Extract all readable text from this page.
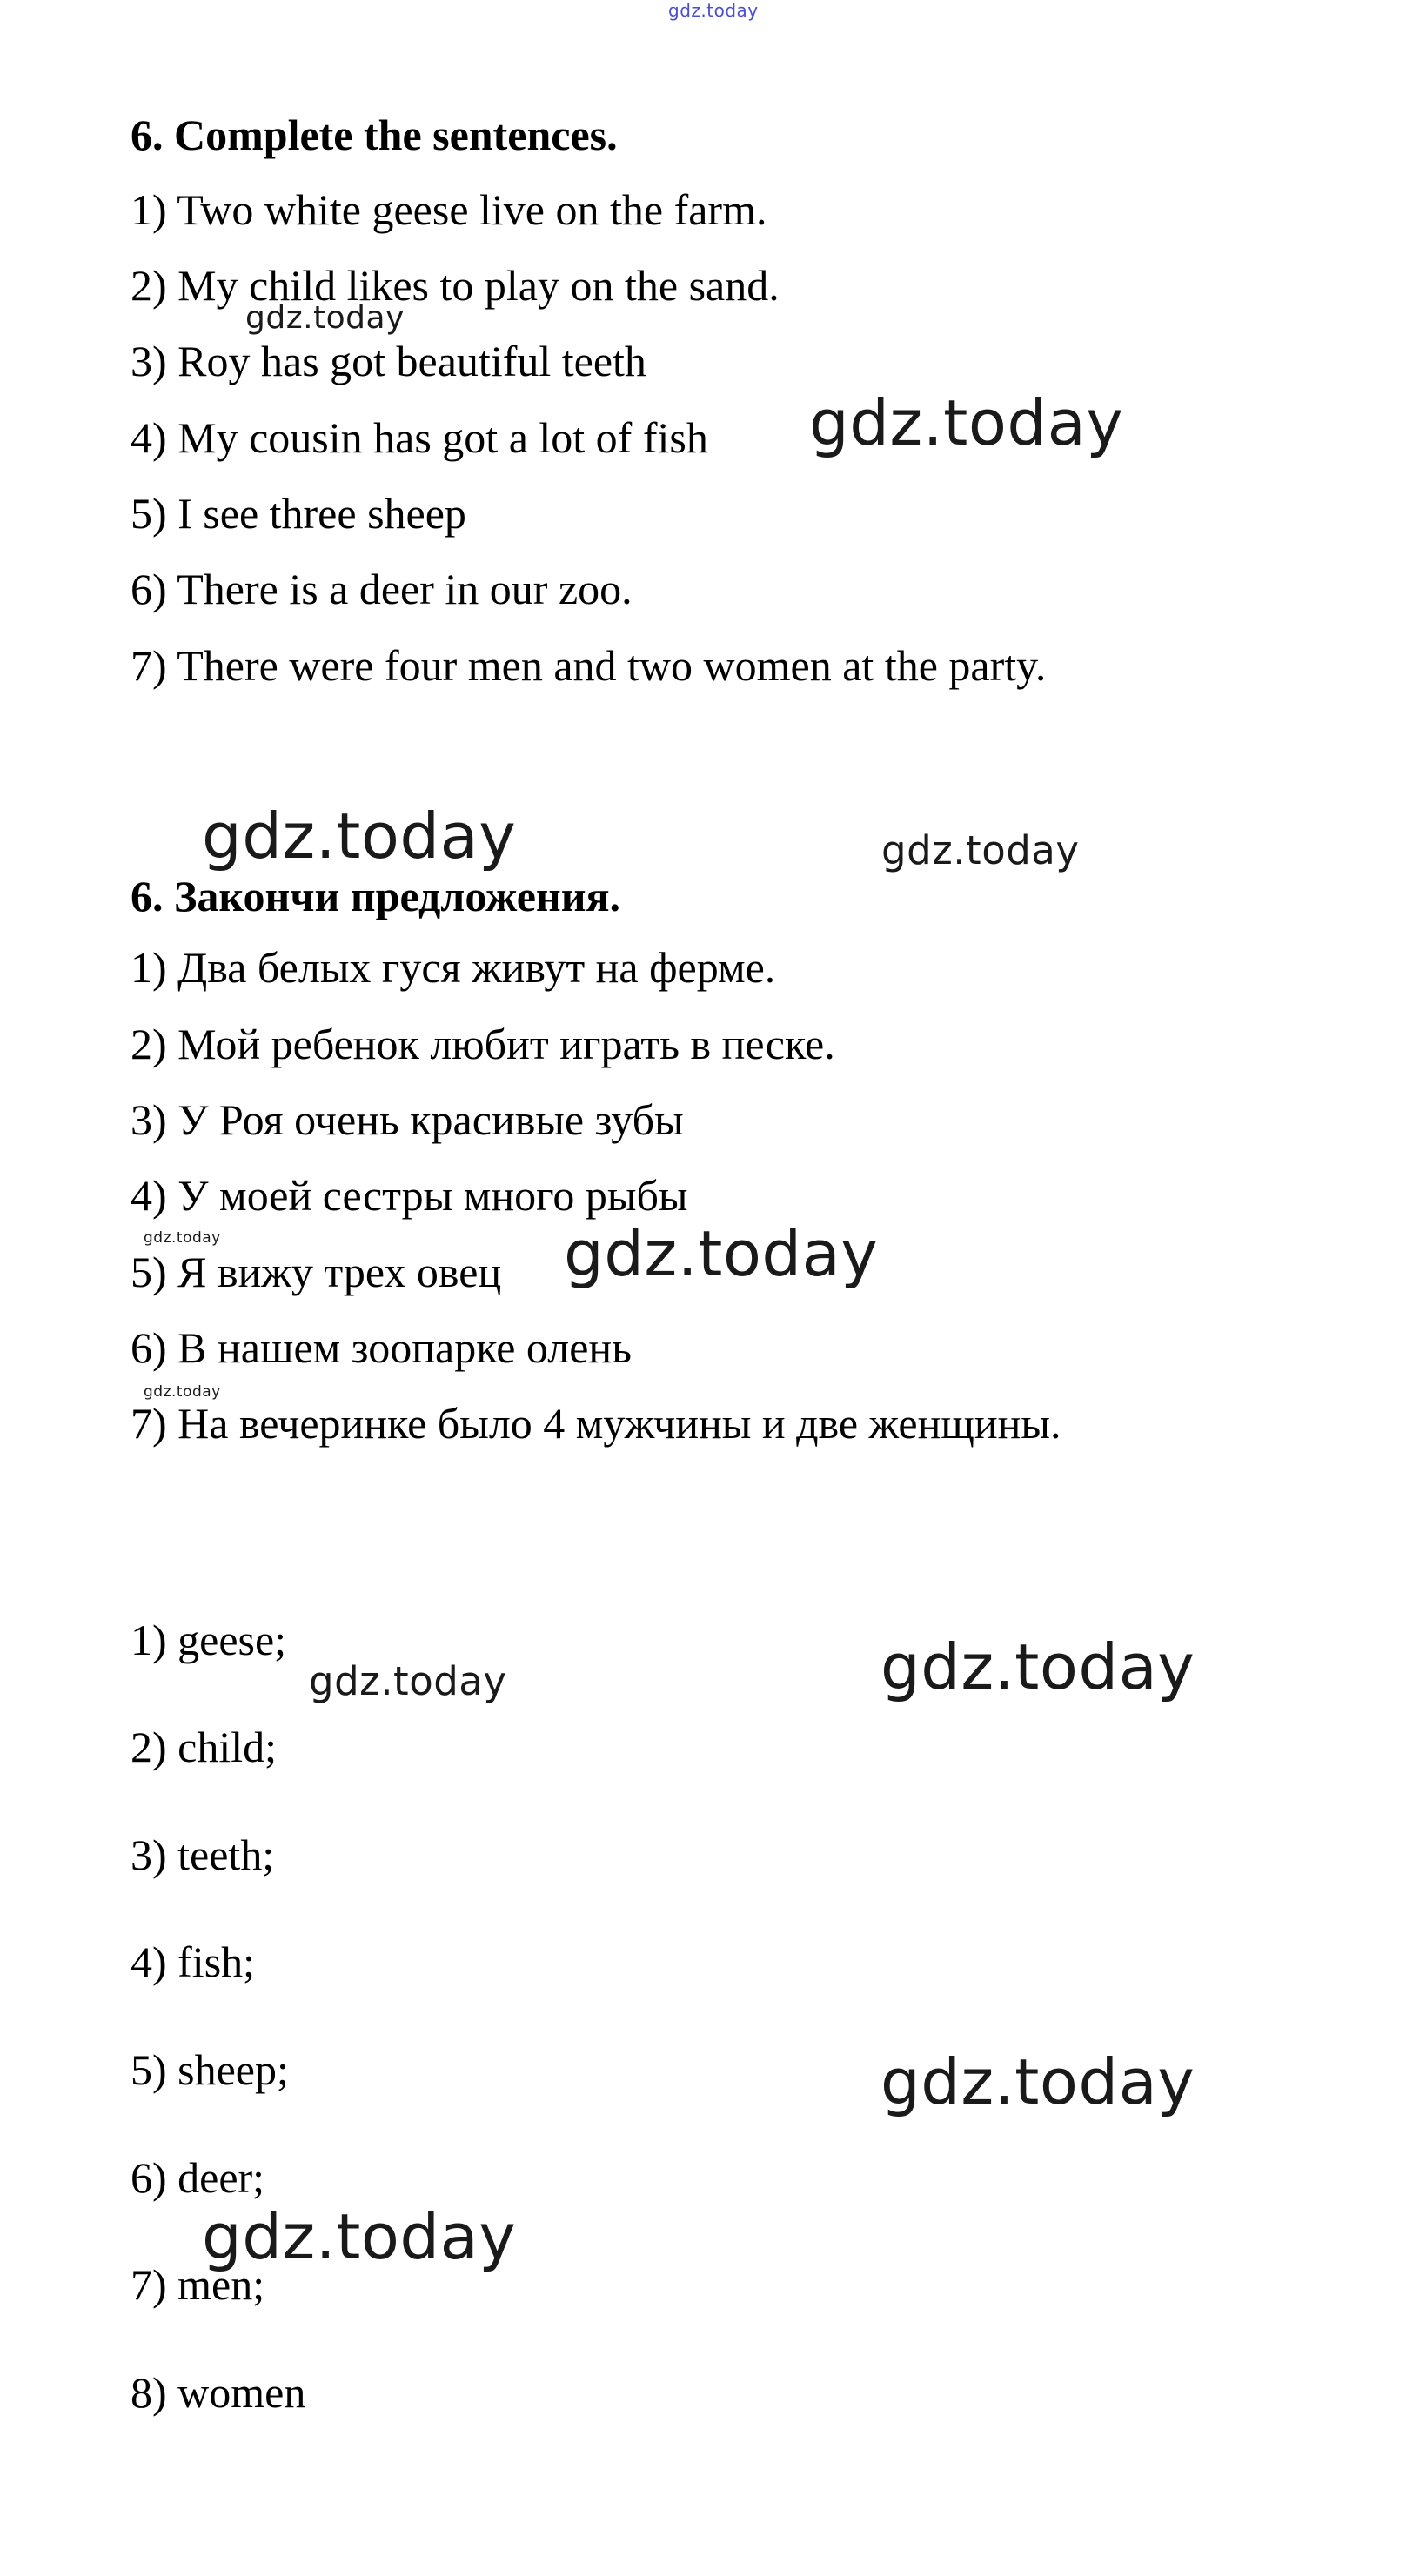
gdz.today
6. Complete the sentences.
1) Two white geese live on the farm.
2) My child likes to play on the sand.
3) Roy has got beautiful teeth
4) My cousin has got a lot of fish
5) I see three sheep
6) There is a deer in our zoo.
7) There were four men and two women at the party.
gdz.today
gdz.today
gdz.today	gdz.today
6. Закончи предложения.
1) Два белых гуся живут на ферме.
2) Мой ребенок любит играть в песке.
3) У Роя очень красивые зубы
4) У моей сестры много рыбы
5) Я вижу трех овец
6) В нашем зоопарке олень
7) На вечеринке было 4 мужчины и две женщины.
gdz.today	gdz.today
gdz.today
1) geese;
2) child;
3) teeth;
4) fish;
5) sheep;
6) deer;
7) men;
8) women
gdz.today	gdz.today
gdz.today
gdz.today
